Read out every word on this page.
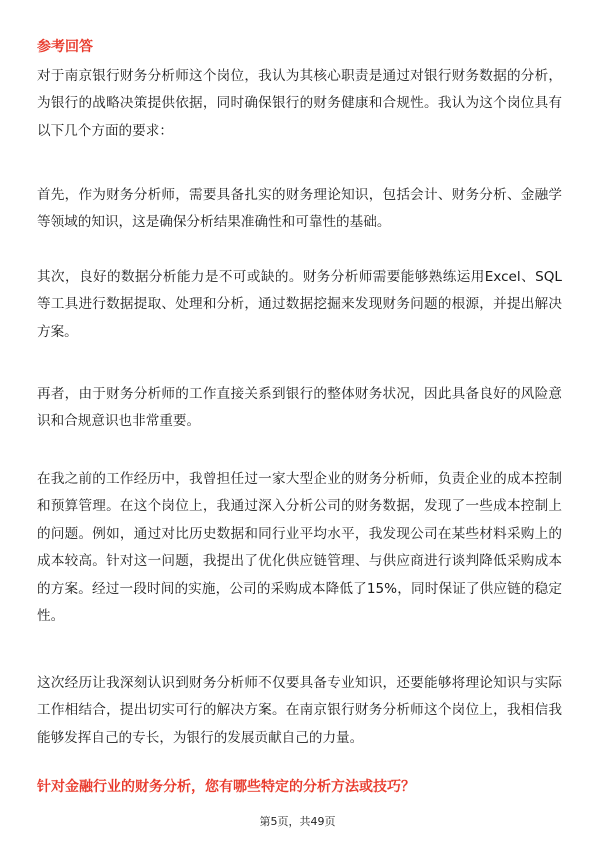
参考回答

对于南京银行财务分析师这个岗位，我认为其核心职责是通过对银行财务数据的分析，为银行的战略决策提供依据，同时确保银行的财务健康和合规性。我认为这个岗位具有以下几个方面的要求：

首先，作为财务分析师，需要具备扎实的财务理论知识，包括会计、财务分析、金融学等领域的知识，这是确保分析结果准确性和可靠性的基础。

其次，良好的数据分析能力是不可或缺的。财务分析师需要能够熟练运用Excel、SQL等工具进行数据提取、处理和分析，通过数据挖掘来发现财务问题的根源，并提出解决方案。

再者，由于财务分析师的工作直接关系到银行的整体财务状况，因此具备良好的风险意识和合规意识也非常重要。

在我之前的工作经历中，我曾担任过一家大型企业的财务分析师，负责企业的成本控制和预算管理。在这个岗位上，我通过深入分析公司的财务数据，发现了一些成本控制上的问题。例如，通过对比历史数据和同行业平均水平，我发现公司在某些材料采购上的成本较高。针对这一问题，我提出了优化供应链管理、与供应商进行谈判降低采购成本的方案。经过一段时间的实施，公司的采购成本降低了15%，同时保证了供应链的稳定性。

这次经历让我深刻认识到财务分析师不仅要具备专业知识，还要能够将理论知识与实际工作相结合，提出切实可行的解决方案。在南京银行财务分析师这个岗位上，我相信我能够发挥自己的专长，为银行的发展贡献自己的力量。

针对金融行业的财务分析，您有哪些特定的分析方法或技巧？
第5页，共49页
